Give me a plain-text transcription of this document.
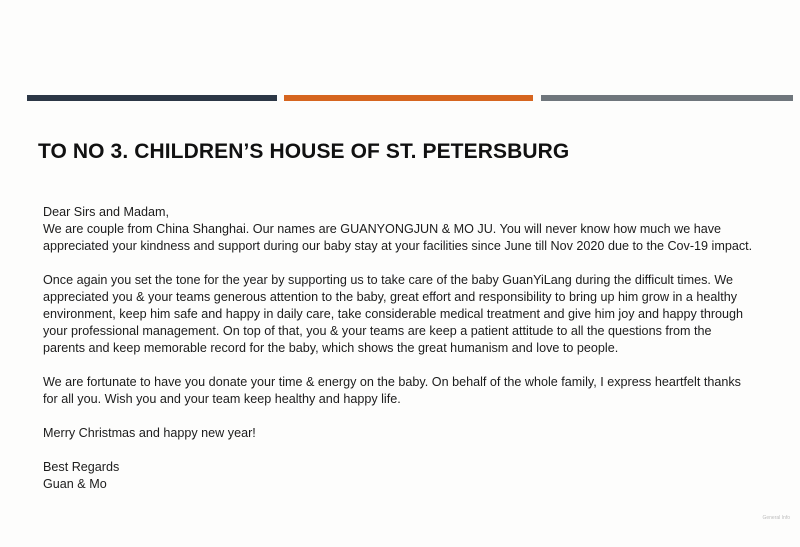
TO NO 3. CHILDREN’S HOUSE OF ST. PETERSBURG

Dear Sirs and Madam,

We are couple from China Shanghai. Our names are GUANYONGJUN & MO JU. You will never know how much we have

appreciated your kindness and support during our baby stay at your facilities since June till Nov 2020 due to the Cov-19 impact.

Once again you set the tone for the year by supporting us to take care of the baby GuanYiLang during the difficult times. We

appreciated you & your teams generous attention to the baby, great effort and responsibility to bring up him grow in a healthy

environment, keep him safe and happy in daily care, take considerable medical treatment and give him joy and happy through

your professional management. On top of that, you & your teams are keep a patient attitude to all the questions from the

parents and keep memorable record for the baby, which shows the great humanism and love to people.

We are fortunate to have you donate your time & energy on the baby. On behalf of the whole family, I express heartfelt thanks

for all you. Wish you and your team keep healthy and happy life.

Merry Christmas and happy new year!

Best Regards

Guan & Mo

General Info
